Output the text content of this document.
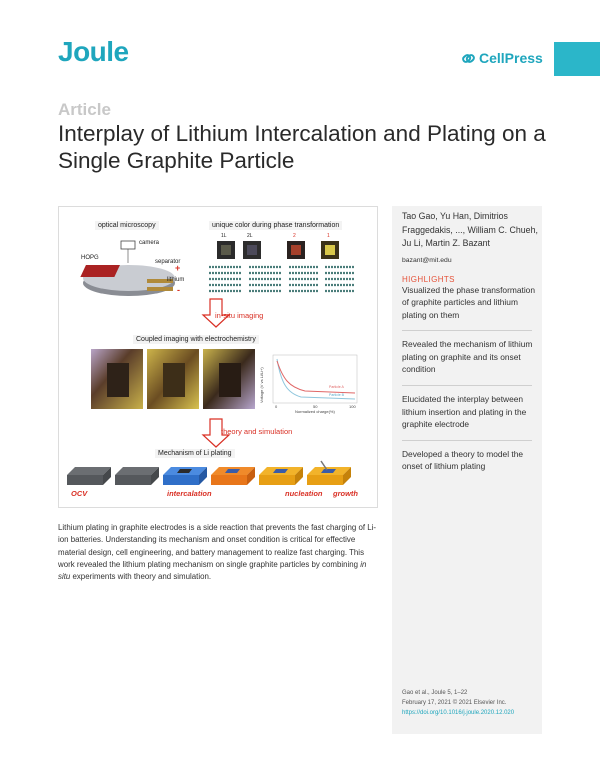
Joule	CellPress
Article
Interplay of Lithium Intercalation and Plating on a Single Graphite Particle
optical microscopy	unique color during phase transformation
camera
HOPG
separator
lithium
+
-
1L	2L	2	1
in-situ imaging
Coupled imaging with electrochemistry
Voltage (V vs Li/Li+)
Normalized charge(%)
0	50	100
Particle A
Particle B
theory and simulation
Mechanism of Li plating
OCV	intercalation	nucleation growth
Tao Gao, Yu Han, Dimitrios Fraggedakis, ..., William C. Chueh, Ju Li, Martin Z. Bazant
bazant@mit.edu
HIGHLIGHTS
Visualized the phase transformation of graphite particles and lithium plating on them
Revealed the mechanism of lithium plating on graphite and its onset condition
Elucidated the interplay between lithium insertion and plating in the graphite electrode
Developed a theory to model the onset of lithium plating
Gao et al., Joule 5, 1–22
February 17, 2021 © 2021 Elsevier Inc.
https://doi.org/10.1016/j.joule.2020.12.020

Lithium plating in graphite electrodes is a side reaction that prevents the fast charging of Li-ion batteries. Understanding its mechanism and onset condition is critical for effective material design, cell engineering, and battery management to realize fast charging. This work revealed the lithium plating mechanism on single graphite particles by combining in situ experiments with theory and simulation.
